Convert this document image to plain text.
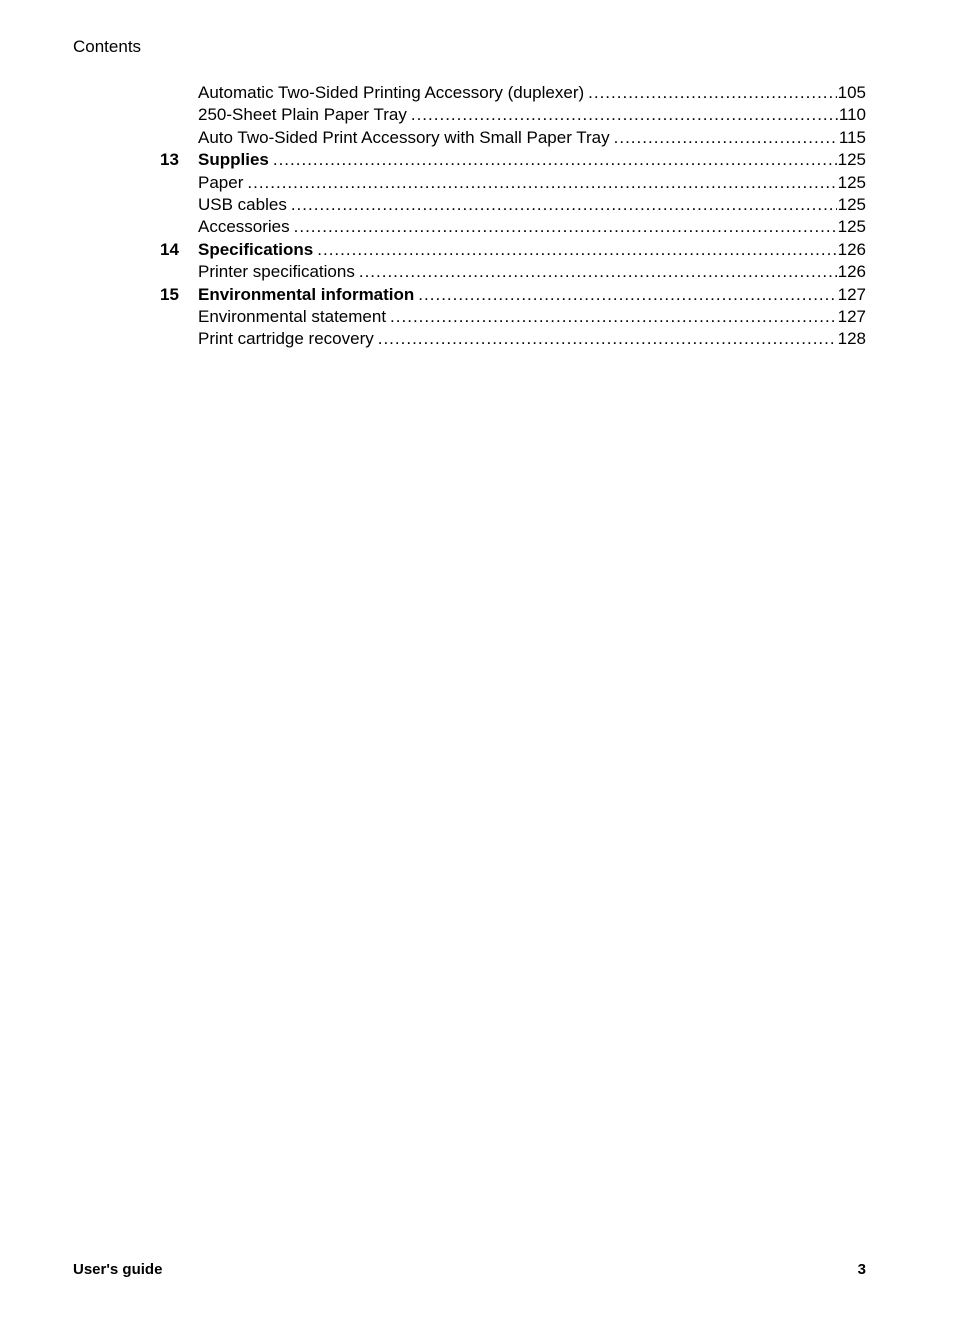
Contents
Automatic Two-Sided Printing Accessory (duplexer) .....	105
250-Sheet Plain Paper Tray .....	110
Auto Two-Sided Print Accessory with Small Paper Tray .....	115
13	Supplies .....	125
Paper .....	125
USB cables .....	125
Accessories .....	125
14	Specifications .....	126
Printer specifications .....	126
15	Environmental information .....	127
Environmental statement .....	127
Print cartridge recovery .....	128
User's guide	3
